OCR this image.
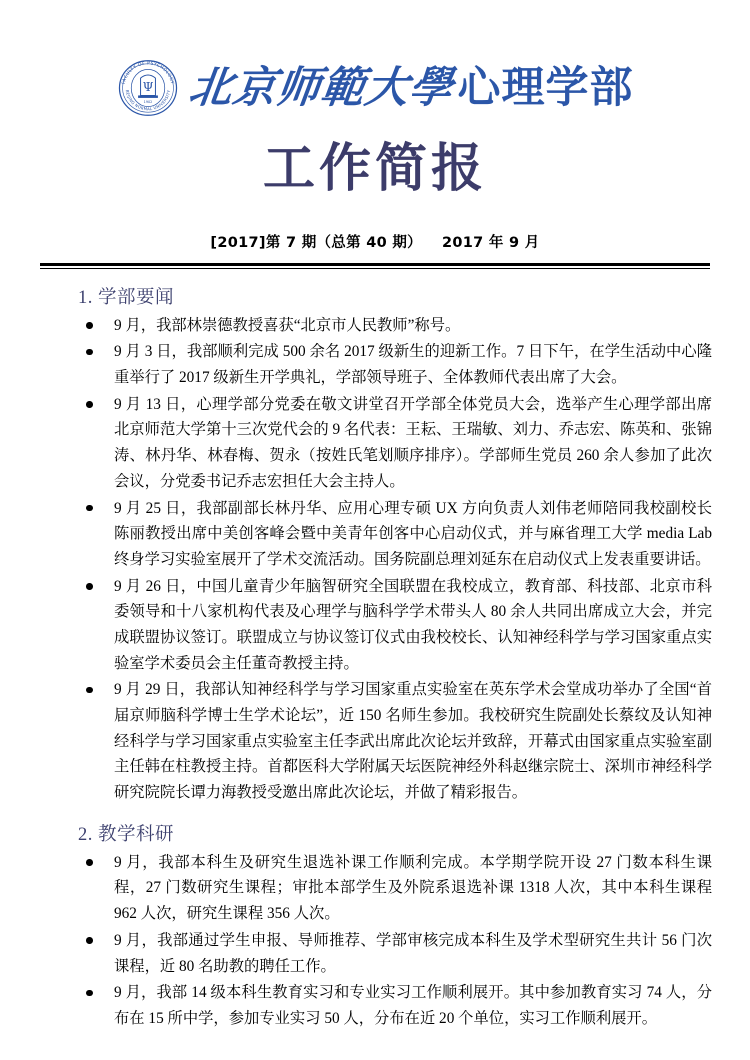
FACULTY OF PSYCHOLOGY
BEIJING NORMAL UNIVERSITY
Ψ
1902 北京师範大學 心理学部
工作简报
[2017]第 7 期（总第 40 期） 2017 年 9 月
1. 学部要闻
9 月，我部林崇德教授喜获“北京市人民教师”称号。
9 月 3 日，我部顺利完成 500 余名 2017 级新生的迎新工作。7 日下午，在学生活动中心隆重举行了 2017 级新生开学典礼，学部领导班子、全体教师代表出席了大会。
9 月 13 日，心理学部分党委在敬文讲堂召开学部全体党员大会，选举产生心理学部出席北京师范大学第十三次党代会的 9 名代表：王耘、王瑞敏、刘力、乔志宏、陈英和、张锦涛、林丹华、林春梅、贺永（按姓氏笔划顺序排序）。学部师生党员 260 余人参加了此次会议，分党委书记乔志宏担任大会主持人。
9 月 25 日，我部副部长林丹华、应用心理专硕 UX 方向负责人刘伟老师陪同我校副校长陈丽教授出席中美创客峰会暨中美青年创客中心启动仪式，并与麻省理工大学 media Lab 终身学习实验室展开了学术交流活动。国务院副总理刘延东在启动仪式上发表重要讲话。
9 月 26 日，中国儿童青少年脑智研究全国联盟在我校成立，教育部、科技部、北京市科委领导和十八家机构代表及心理学与脑科学学术带头人 80 余人共同出席成立大会，并完成联盟协议签订。联盟成立与协议签订仪式由我校校长、认知神经科学与学习国家重点实验室学术委员会主任董奇教授主持。
9 月 29 日，我部认知神经科学与学习国家重点实验室在英东学术会堂成功举办了全国“首届京师脑科学博士生学术论坛”，近 150 名师生参加。我校研究生院副处长蔡纹及认知神经科学与学习国家重点实验室主任李武出席此次论坛并致辞，开幕式由国家重点实验室副主任韩在柱教授主持。首都医科大学附属天坛医院神经外科赵继宗院士、深圳市神经科学研究院院长谭力海教授受邀出席此次论坛，并做了精彩报告。
2. 教学科研
9 月，我部本科生及研究生退选补课工作顺利完成。本学期学院开设 27 门数本科生课程，27 门数研究生课程；审批本部学生及外院系退选补课 1318 人次，其中本科生课程 962 人次，研究生课程 356 人次。
9 月，我部通过学生申报、导师推荐、学部审核完成本科生及学术型研究生共计 56 门次课程，近 80 名助教的聘任工作。
9 月，我部 14 级本科生教育实习和专业实习工作顺利展开。其中参加教育实习 74 人，分布在 15 所中学，参加专业实习 50 人，分布在近 20 个单位，实习工作顺利展开。
